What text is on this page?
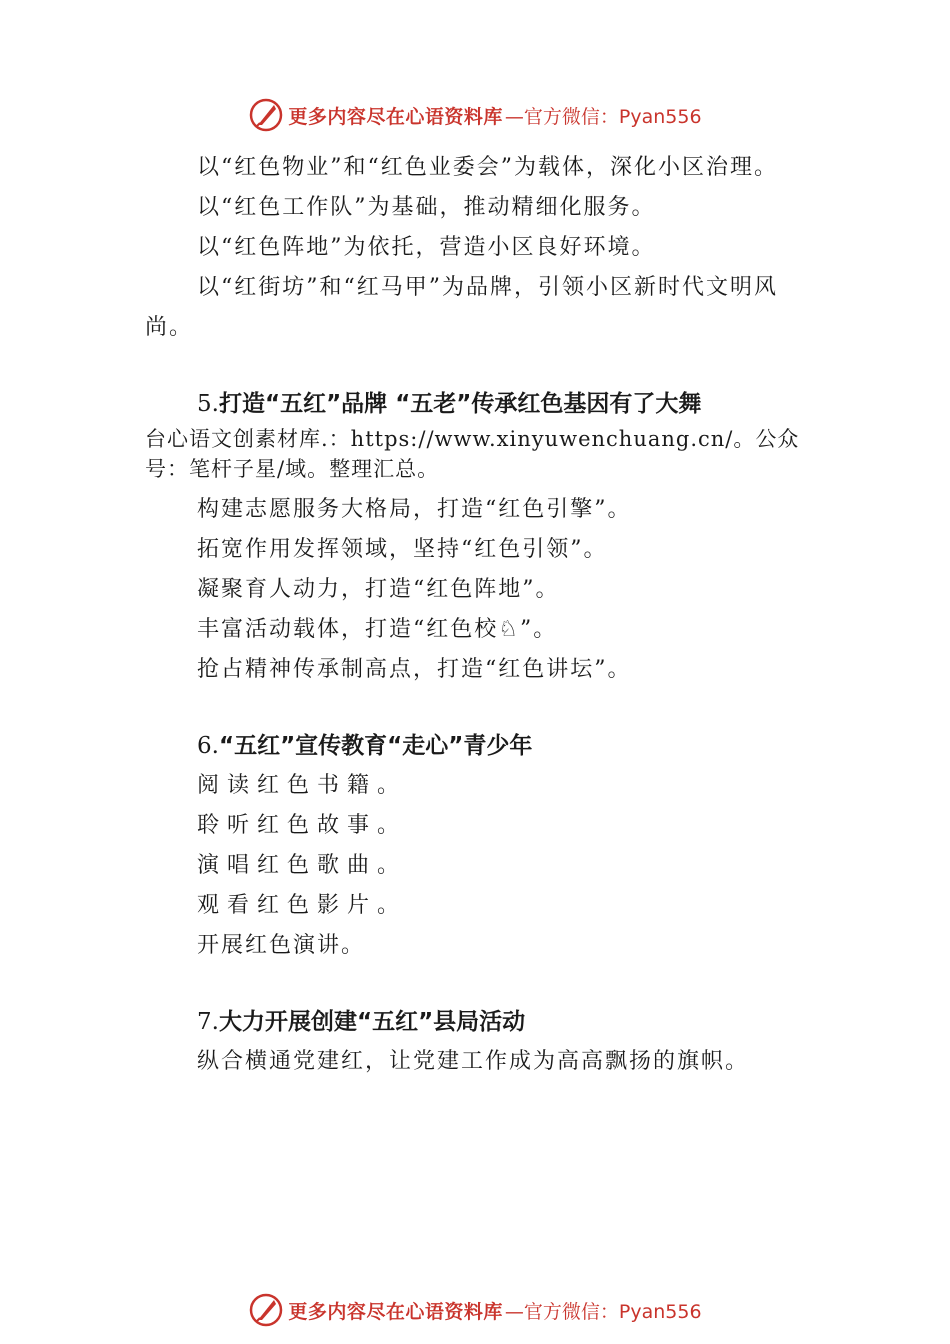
更多内容尽在心语资料库 —官方微信：Pyan556

以“红色物业”和“红色业委会”为载体，深化小区治理。

以“红色工作队”为基础，推动精细化服务。

以“红色阵地”为依托，营造小区良好环境。

以“红街坊”和“红马甲”为品牌，引领小区新时代文明风尚。

5.打造“五红”品牌 “五老”传承红色基因有了大舞

台心语文创素材库.：https://www.xinyuwenchuang.cn/。公众号：笔杆子星/域。整理汇总。

构建志愿服务大格局，打造“红色引擎”。

拓宽作用发挥领域，坚持“红色引领”。

凝聚育人动力，打造“红色阵地”。

丰富活动载体，打造“红色校♘”。

抢占精神传承制高点，打造“红色讲坛”。

6.“五红”宣传教育“走心”青少年

阅读红色书籍。

聆听红色故事。

演唱红色歌曲。

观看红色影片。

开展红色演讲。

7.大力开展创建“五红”县局活动

纵合横通党建红，让党建工作成为高高飘扬的旗帜。

更多内容尽在心语资料库 —官方微信：Pyan556
